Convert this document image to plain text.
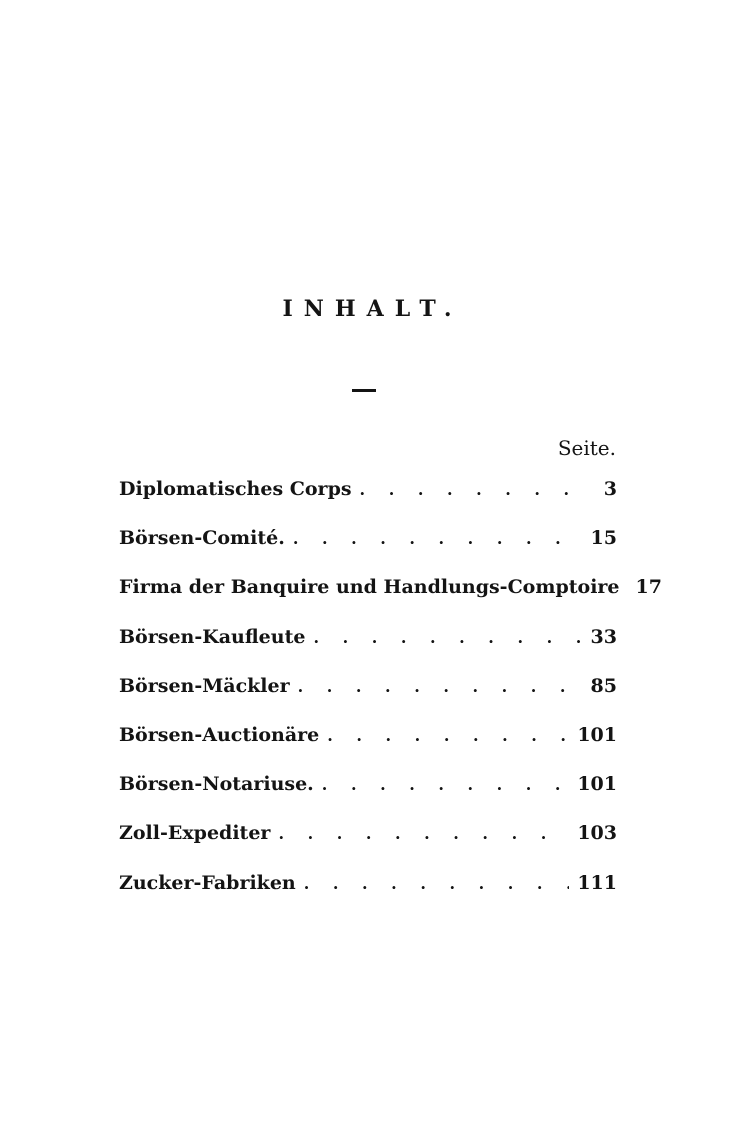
INHALT.
Seite.
Diplomatisches Corps . . .	3
Börsen-Comité. . . .	15
Firma der Banquire und Handlungs-Comptoire 17
Börsen-Kaufleute . . .	33
Börsen-Mäckler . . .	85
Börsen-Auctionäre . . .	101
Börsen-Notariuse. . . .	101
Zoll-Expediter . . .	103
Zucker-Fabriken . . .	111
